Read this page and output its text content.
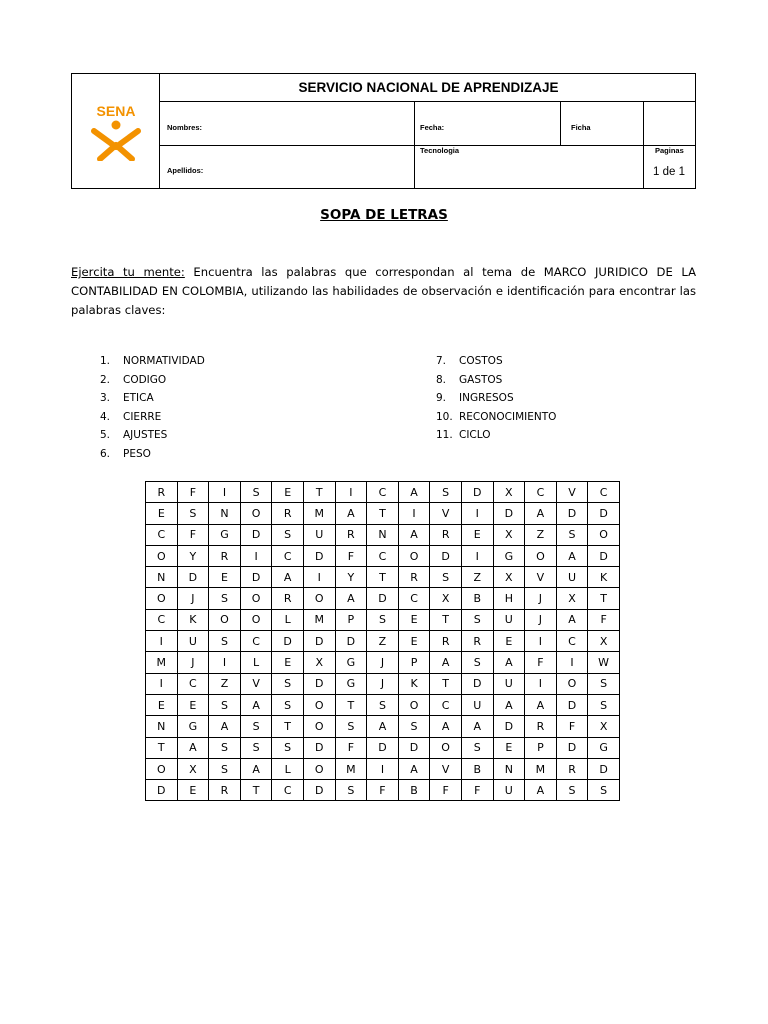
SENA
SERVICIO NACIONAL DE APRENDIZAJE
Nombres:	Fecha:	Ficha
Apellidos:
Tecnologia	Paginas
1 de 1
SOPA DE LETRAS
Ejercita tu mente: Encuentra las palabras que correspondan al tema de MARCO JURIDICO DE LA CONTABILIDAD EN COLOMBIA, utilizando las habilidades de observación e identificación para encontrar las palabras claves:
1.	NORMATIVIDAD
2.	CODIGO
3.	ETICA
4.	CIERRE
5.	AJUSTES
6.	PESO
7.	COSTOS
8.	GASTOS
9.	INGRESOS
10. RECONOCIMIENTO
11. CICLO
R	F	I	S	E	T	I	C	A	S	D	X	C	V	C
E	S	N	O	R	M	A	T	I	V	I	D	A	D	D
C	F	G	D	S	U	R	N	A	R	E	X	Z	S	O
O	Y	R	I	C	D	F	C	O	D	I	G	O	A	D
N	D	E	D	A	I	Y	T	R	S	Z	X	V	U	K
O	J	S	O	R	O	A	D	C	X	B	H	J	X	T
C	K	O	O	L	M	P	S	E	T	S	U	J	A	F
I	U	S	C	D	D	D	Z	E	R	R	E	I	C	X
M	J	I	L	E	X	G	J	P	A	S	A	F	I	W
I	C	Z	V	S	D	G	J	K	T	D	U	I	O	S
E	E	S	A	S	O	T	S	O	C	U	A	A	D	S
N	G	A	S	T	O	S	A	S	A	A	D	R	F	X
T	A	S	S	S	D	F	D	D	O	S	E	P	D	G
O	X	S	A	L	O	M	I	A	V	B	N	M	R	D
D	E	R	T	C	D	S	F	B	F	F	U	A	S	S
